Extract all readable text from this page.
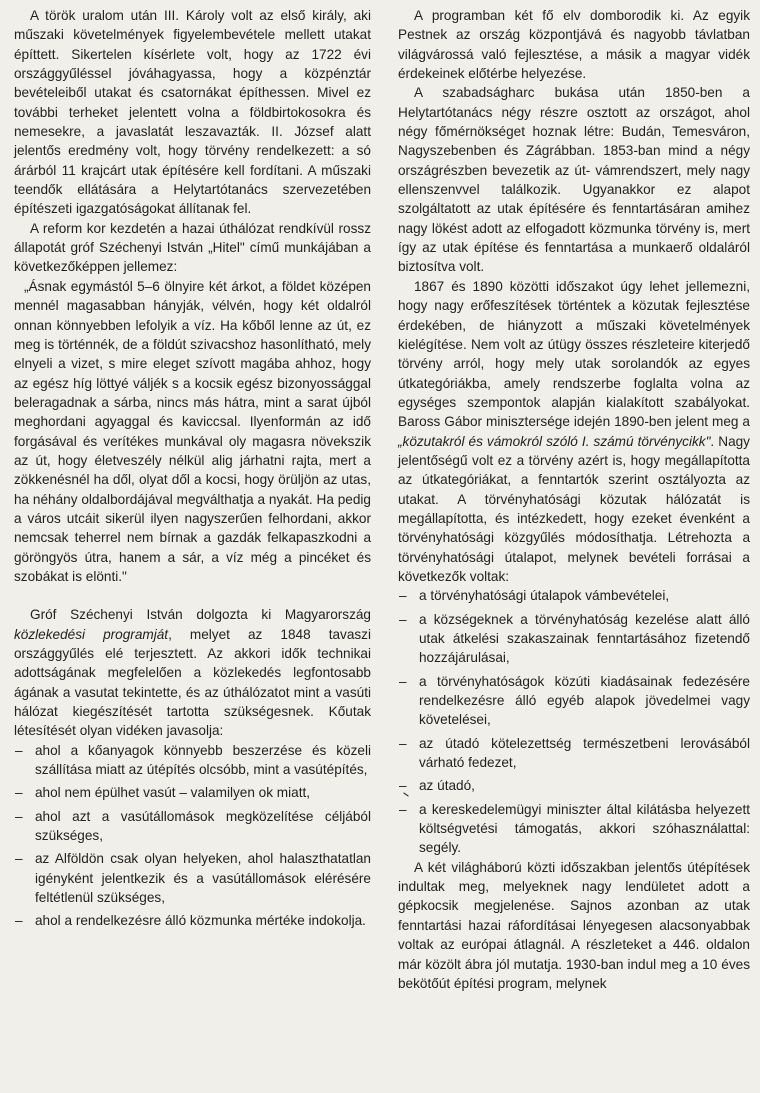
A török uralom után III. Károly volt az első király, aki műszaki követelmények figyelembevétele mellett utakat építtett. Sikertelen kísérlete volt, hogy az 1722 évi országgyűléssel jóváhagyassa, hogy a közpénztár bevételeiből utakat és csatornákat építhessen. Mivel ez további terheket jelentett volna a földbirtokosokra és nemesekre, a javaslatát leszavazták. II. József alatt jelentős eredmény volt, hogy törvény rendelkezett: a só árárból 11 krajcárt utak építésére kell fordítani. A műszaki teendők ellátására a Helytartótanács szervezetében építészeti igazgatóságokat állítanak fel.

A reform kor kezdetén a hazai úthálózat rendkívül rossz állapotát gróf Széchenyi István „Hitel" című munkájában a következőképpen jellemez:

„Ásnak egymástól 5–6 ölnyire két árkot, a földet középen mennél magasabban hányják, vélvén, hogy két oldalról onnan könnyebben lefolyik a víz. Ha kőből lenne az út, ez meg is történnék, de a földút szivacshoz hasonlítható, mely elnyeli a vizet, s mire eleget szívott magába ahhoz, hogy az egész híg löttyé váljék s a kocsik egész bizonyossággal beleragadnak a sárba, nincs más hátra, mint a sarat újból meghordani agyaggal és kaviccsal. Ilyenformán az idő forgásával és verítékes munkával oly magasra növekszik az út, hogy életveszély nélkül alig járhatni rajta, mert a zökkenésnél ha dől, olyat dől a kocsi, hogy örüljön az utas, ha néhány oldalbordájával megválthatja a nyakát. Ha pedig a város utcáit sikerül ilyen nagyszerűen felhordani, akkor nemcsak teherrel nem bírnak a gazdák felkapaszkodni a göröngyös útra, hanem a sár, a víz még a pincéket és szobákat is elönti."

Gróf Széchenyi István dolgozta ki Magyarország közlekedési programját, melyet az 1848 tavaszi országgyűlés elé terjesztett. Az akkori idők technikai adottságának megfelelően a közlekedés legfontosabb ágának a vasutat tekintette, és az úthálózatot mint a vasúti hálózat kiegészítését tartotta szükségesnek. Kőutak létesítését olyan vidéken javasolja:

– ahol a kőanyagok könnyebb beszerzése és közeli szállítása miatt az útépítés olcsóbb, mint a vasútépítés,
– ahol nem épülhet vasút – valamilyen ok miatt,
– ahol azt a vasútállomások megközelítése céljából szükséges,
– az Alföldön csak olyan helyeken, ahol halaszthatatlan igényként jelentkezik és a vasútállomások elérésére feltétlenül szükséges,
– ahol a rendelkezésre álló közmunka mértéke indokolja.

A programban két fő elv domborodik ki. Az egyik Pestnek az ország központjává és nagyobb távlatban világvárossá való fejlesztése, a másik a magyar vidék érdekeinek előtérbe helyezése.

A szabadságharc bukása után 1850-ben a Helytartótanács négy részre osztott az országot, ahol négy főmérnökséget hoznak létre: Budán, Temesváron, Nagyszebenben és Zágrábban. 1853-ban mind a négy országrészben bevezetik az út- vámrendszert, mely nagy ellenszenvvel találkozik. Ugyanakkor ez alapot szolgáltatott az utak építésére és fenntartásáran amihez nagy lökést adott az elfogadott közmunka törvény is, mert így az utak építése és fenntartása a munkaerő oldaláról biztosítva volt.

1867 és 1890 közötti időszakot úgy lehet jellemezni, hogy nagy erőfeszítések történtek a közutak fejlesztése érdekében, de hiányzott a műszaki követelmények kielégítése. Nem volt az útügy összes részleteire kiterjedő törvény arról, hogy mely utak sorolandók az egyes útkategóriákba, amely rendszerbe foglalta volna az egységes szempontok alapján kialakított szabályokat. Baross Gábor minisztersége idején 1890-ben jelent meg a „közutakról és vámokról szóló I. számú törvénycikk". Nagy jelentőségű volt ez a törvény azért is, hogy megállapította az útkategóriákat, a fenntartók szerint osztályozta az utakat. A törvényhatósági közutak hálózatát is megállapította, és intézkedett, hogy ezeket évenként a törvényhatósági közgyűlés módosíthatja. Létrehozta a törvényhatósági útalapot, melynek bevételi forrásai a következők voltak:

– a törvényhatósági útalapok vámbevételei,
– a községeknek a törvényhatóság kezelése alatt álló utak átkelési szakaszainak fenntartásához fizetendő hozzájárulásai,
– a törvényhatóságok közúti kiadásainak fedezésére rendelkezésre álló egyéb alapok jövedelmei vagy követelései,
– az útadó kötelezettség természetbeni lerovásából várható fedezet,
– az útadó,
– a kereskedelemügyi miniszter által kilátásba helyezett költségvetési támogatás, akkori szóhasználattal: segély.

A két világháború közti időszakban jelentős útépítések indultak meg, melyeknek nagy lendületet adott a gépkocsik megjelenése. Sajnos azonban az utak fenntartási hazai ráfordításai lényegesen alacsonyabbak voltak az európai átlagnál. A részleteket a 446. oldalon már közölt ábra jól mutatja. 1930-ban indul meg a 10 éves bekötőút építési program, melynek
